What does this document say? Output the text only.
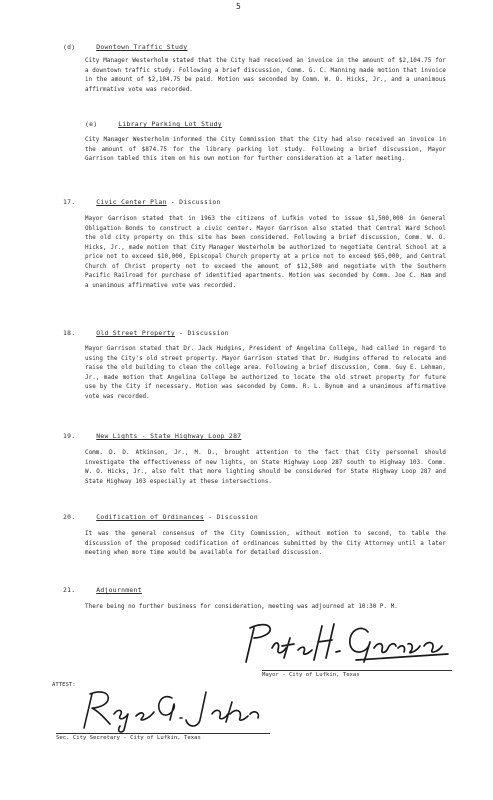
5
(d)	Downtown Traffic Study
City Manager Westerholm stated that the City had received an invoice in the amount of $2,104.75 for a downtown traffic study. Following a brief discussion, Comm. G. C. Manning made motion that invoice in the amount of $2,104.75 be paid. Motion was seconded by Comm. W. O. Hicks, Jr., and a unanimous affirmative vote was recorded.
(e)	Library Parking Lot Study
City Manager Westerholm informed the City Commission that the City had also received an invoice in the amount of $874.75 for the library parking lot study. Following a brief discussion, Mayor Garrison tabled this item on his own motion for further consideration at a later meeting.
17.	Civic Center Plan - Discussion
Mayor Garrison stated that in 1963 the citizens of Lufkin voted to issue $1,500,000 in General Obligation Bonds to construct a civic center. Mayor Garrison also stated that Central Ward School the old city property on this site has been considered. Following a brief discussion, Comm. W. O. Hicks, Jr., made motion that City Manager Westerholm be authorized to negotiate Central School at a price not to exceed $10,000, Episcopal Church property at a price not to exceed $65,000, and Central Church of Christ property not to exceed the amount of $12,500 and negotiate with the Southern Pacific Railroad for purchase of identified apartments. Motion was seconded by Comm. Joe C. Ham and a unanimous affirmative vote was recorded.
18.	Old Street Property - Discussion
Mayor Garrison stated that Dr. Jack Hudgins, President of Angelina College, had called in regard to using the City's old street property. Mayor Garrison stated that Dr. Hudgins offered to relocate and raise the old building to clean the college area. Following a brief discussion, Comm. Guy E. Lehman, Jr., made motion that Angelina College be authorized to locate the old street property for future use by the City if necessary. Motion was seconded by Comm. R. L. Bynum and a unanimous affirmative vote was recorded.
19.	New Lights - State Highway Loop 287
Comm. D. D. Atkinson, Jr., M. D., brought attention to the fact that City personnel should investigate the effectiveness of new lights, on State Highway Loop 287 south to Highway 103. Comm. W. O. Hicks, Jr., also felt that more lighting should be considered for State Highway Loop 287 and State Highway 103 especially at these intersections.
20.	Codification of Ordinances - Discussion
It was the general consensus of the City Commission, without motion to second, to table the discussion of the proposed codification of ordinances submitted by the City Attorney until a later meeting when more time would be available for detailed discussion.
21.	Adjournment
There being no further business for consideration, meeting was adjourned at 10:30 P. M.
Mayor - City of Lufkin, Texas
ATTEST:
Sec. City Secretary - City of Lufkin, Texas
